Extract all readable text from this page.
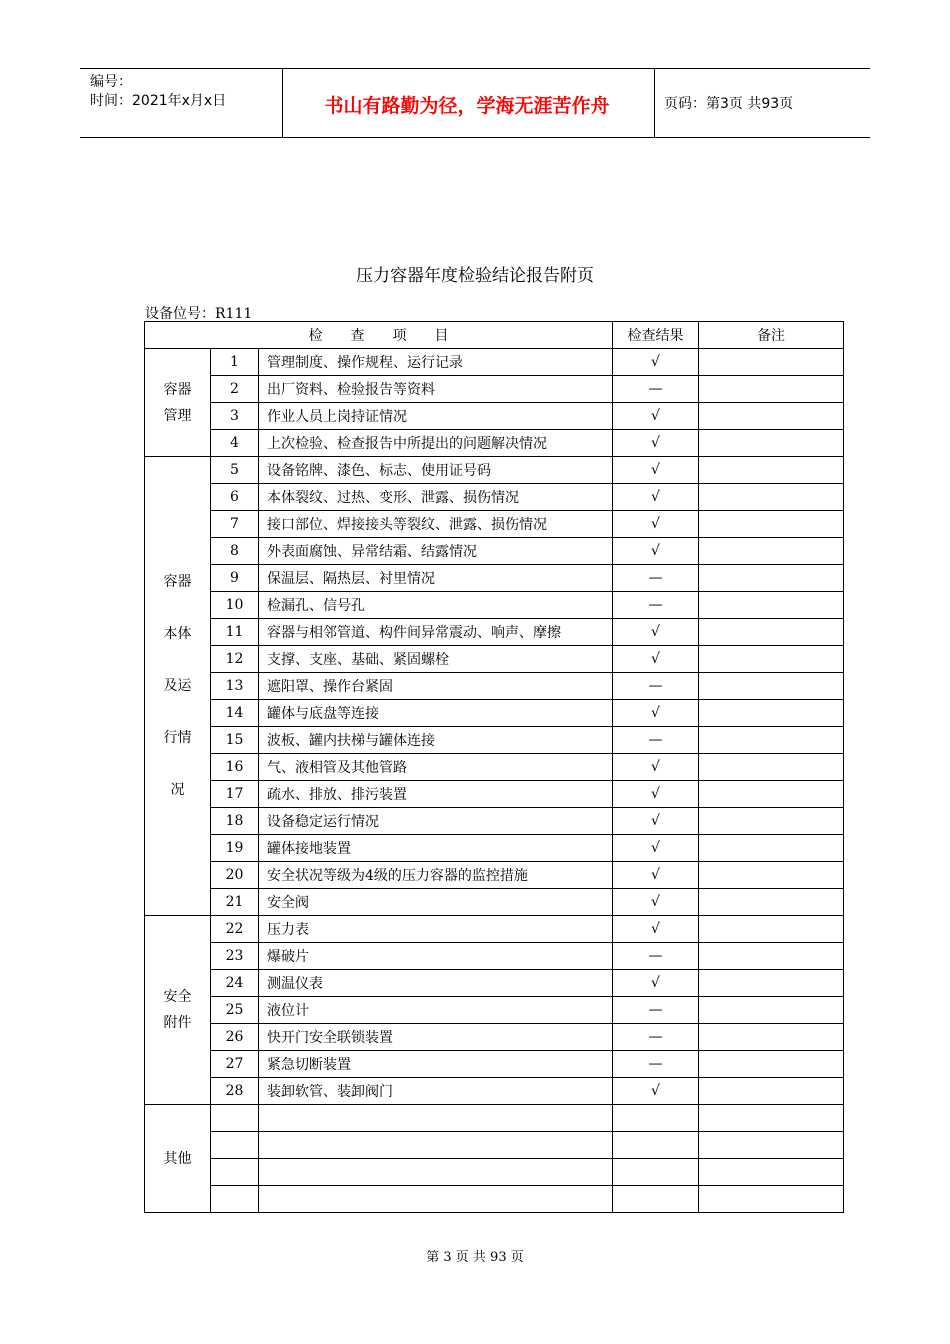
编号：
时间：2021年x月x日	书山有路勤为径，学海无涯苦作舟	页码：第3页 共93页
压力容器年度检验结论报告附页
设备位号：R111
检　　查　　项　　目			检查结果	备注

容器
管理	1	管理制度、操作规程、运行记录	√	
	2	出厂资料、检验报告等资料	—	
	3	作业人员上岗持证情况	√	
	4	上次检验、检查报告中所提出的问题解决情况	√	

容器
本体
及运
行情
况	5	设备铭牌、漆色、标志、使用证号码	√	
	6	本体裂纹、过热、变形、泄露、损伤情况	√	
	7	接口部位、焊接接头等裂纹、泄露、损伤情况	√	
	8	外表面腐蚀、异常结霜、结露情况	√	
	9	保温层、隔热层、衬里情况	—	
	10	检漏孔、信号孔	—	
	11	容器与相邻管道、构件间异常震动、响声、摩擦	√	
	12	支撑、支座、基础、紧固螺栓	√	
	13	遮阳罩、操作台紧固	—	
	14	罐体与底盘等连接	√	
	15	波板、罐内扶梯与罐体连接	—	
	16	气、液相管及其他管路	√	
	17	疏水、排放、排污装置	√	
	18	设备稳定运行情况	√	
	19	罐体接地装置	√	
	20	安全状况等级为4级的压力容器的监控措施	√	
	21	安全阀	√	

安全
附件	22	压力表	√	
	23	爆破片	—	
	24	测温仪表	√	
	25	液位计	—	
	26	快开门安全联锁装置	—	
	27	紧急切断装置	—	
	28	装卸软管、装卸阀门	√	

其他				

第 3 页 共 93 页
